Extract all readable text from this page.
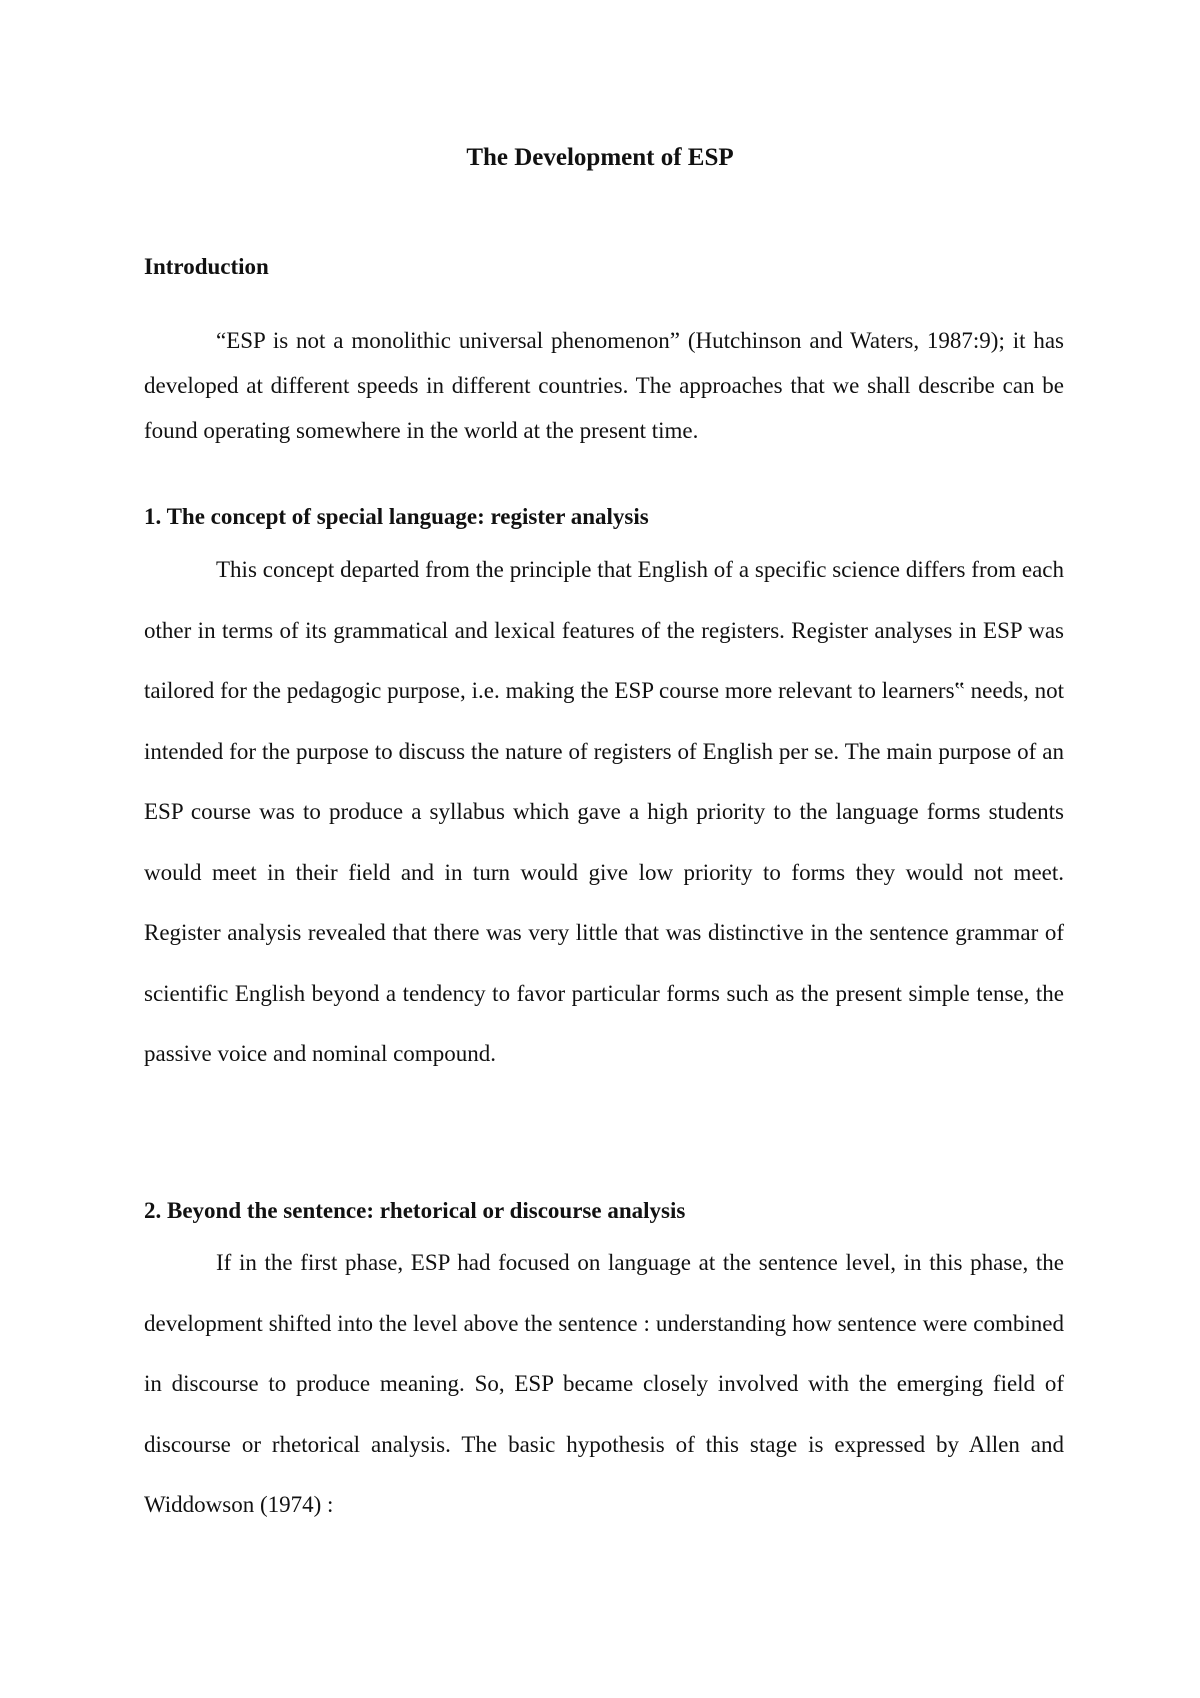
The Development of ESP
Introduction

“ESP is not a monolithic universal phenomenon” (Hutchinson and Waters, 1987:9); it has developed at different speeds in different countries. The approaches that we shall describe can be found operating somewhere in the world at the present time.

1. The concept of special language: register analysis

This concept departed from the principle that English of a specific science differs from each other in terms of its grammatical and lexical features of the registers. Register analyses in ESP was tailored for the pedagogic purpose, i.e. making the ESP course more relevant to learners‟ needs, not intended for the purpose to discuss the nature of registers of English per se. The main purpose of an ESP course was to produce a syllabus which gave a high priority to the language forms students would meet in their field and in turn would give low priority to forms they would not meet. Register analysis revealed that there was very little that was distinctive in the sentence grammar of scientific English beyond a tendency to favor particular forms such as the present simple tense, the passive voice and nominal compound.

2. Beyond the sentence: rhetorical or discourse analysis

If in the first phase, ESP had focused on language at the sentence level, in this phase, the development shifted into the level above the sentence : understanding how sentence were combined in discourse to produce meaning. So, ESP became closely involved with the emerging field of discourse or rhetorical analysis. The basic hypothesis of this stage is expressed by Allen and Widdowson (1974) :
